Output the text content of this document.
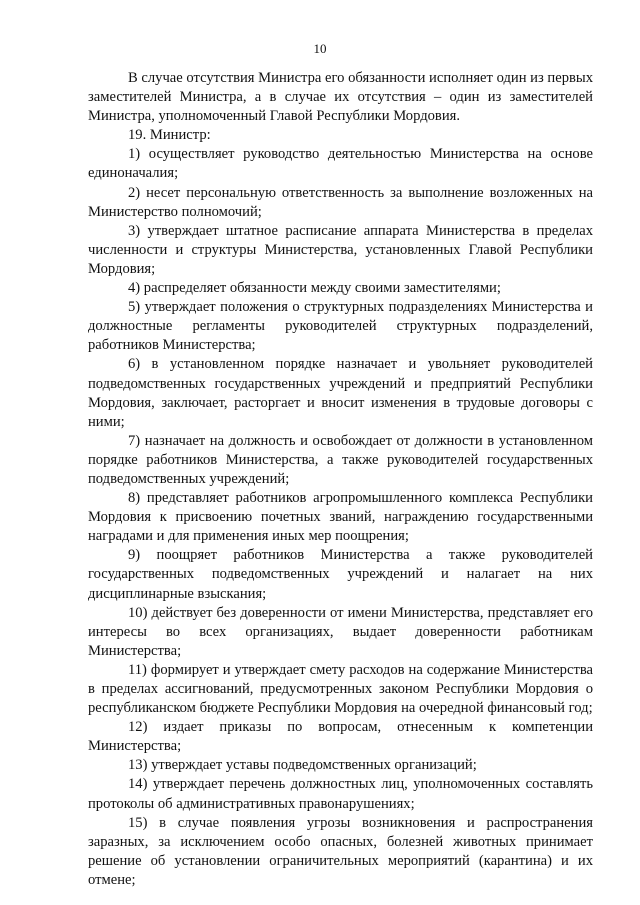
10

В случае отсутствия Министра его обязанности исполняет один из первых заместителей Министра, а в случае их отсутствия – один из заместителей Министра, уполномоченный Главой Республики Мордовия.

19. Министр:

1) осуществляет руководство деятельностью Министерства на основе единоначалия;

2) несет персональную ответственность за выполнение возложенных на Министерство полномочий;

3) утверждает штатное расписание аппарата Министерства в пределах численности и структуры Министерства, установленных Главой Республики Мордовия;

4) распределяет обязанности между своими заместителями;

5) утверждает положения о структурных подразделениях Министерства и должностные регламенты руководителей структурных подразделений, работников Министерства;

6) в установленном порядке назначает и увольняет руководителей подведомственных государственных учреждений и предприятий Республики Мордовия, заключает, расторгает и вносит изменения в трудовые договоры с ними;

7) назначает на должность и освобождает от должности в установленном порядке работников Министерства, а также руководителей государственных подведомственных учреждений;

8) представляет работников агропромышленного комплекса Республики Мордовия к присвоению почетных званий, награждению государственными наградами и для применения иных мер поощрения;

9) поощряет работников Министерства а также руководителей государственных подведомственных учреждений и налагает на них дисциплинарные взыскания;

10) действует без доверенности от имени Министерства, представляет его интересы во всех организациях, выдает доверенности работникам Министерства;

11) формирует и утверждает смету расходов на содержание Министерства в пределах ассигнований, предусмотренных законом Республики Мордовия о республиканском бюджете Республики Мордовия на очередной финансовый год;

12) издает приказы по вопросам, отнесенным к компетенции Министерства;

13) утверждает уставы подведомственных организаций;

14) утверждает перечень должностных лиц, уполномоченных составлять протоколы об административных правонарушениях;

15) в случае появления угрозы возникновения и распространения заразных, за исключением особо опасных, болезней животных принимает решение об установлении ограничительных мероприятий (карантина) и их отмене;
